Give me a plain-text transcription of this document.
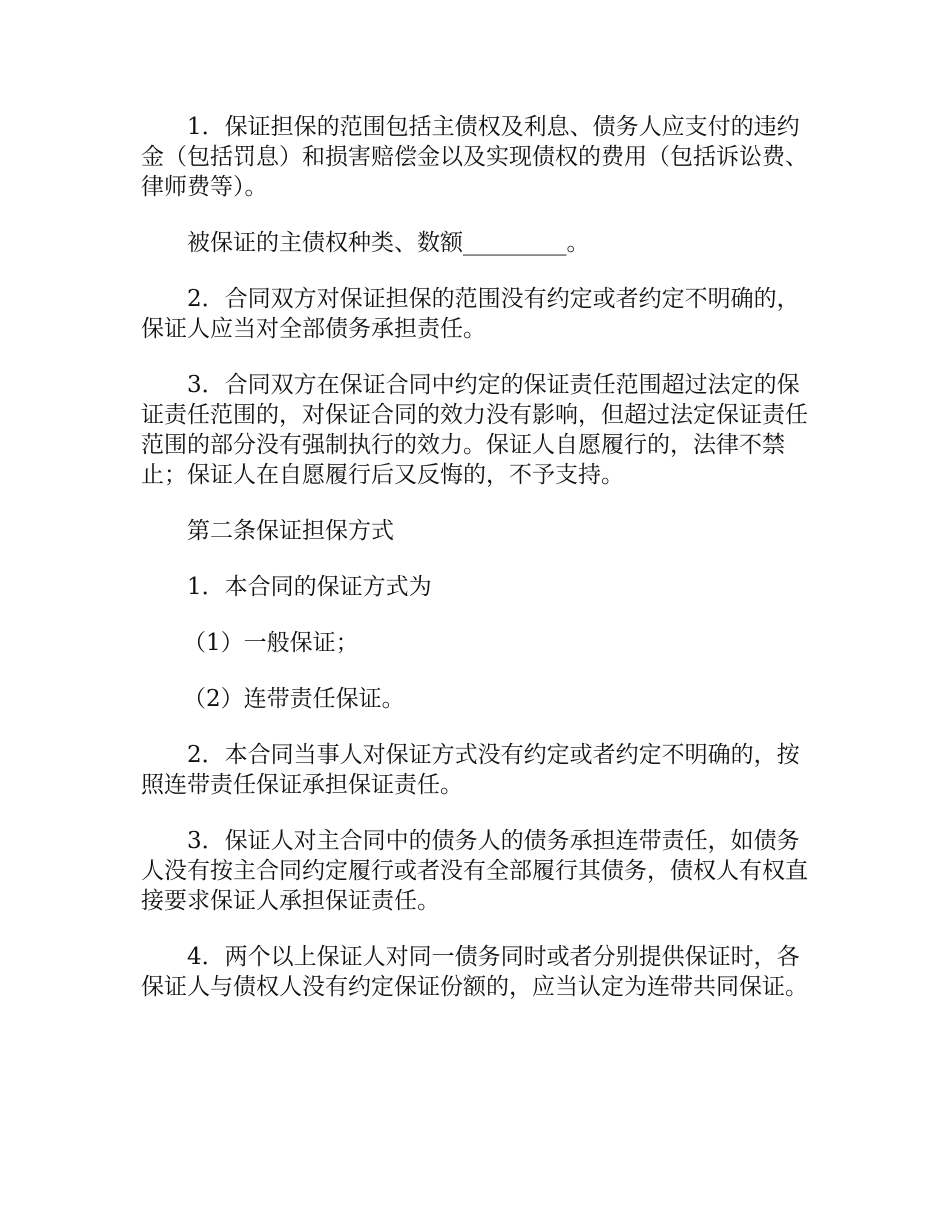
1．保证担保的范围包括主债权及利息、债务人应支付的违约金（包括罚息）和损害赔偿金以及实现债权的费用（包括诉讼费、律师费等）。

被保证的主债权种类、数额_________。

2．合同双方对保证担保的范围没有约定或者约定不明确的，保证人应当对全部债务承担责任。

3．合同双方在保证合同中约定的保证责任范围超过法定的保证责任范围的，对保证合同的效力没有影响，但超过法定保证责任范围的部分没有强制执行的效力。保证人自愿履行的，法律不禁止；保证人在自愿履行后又反悔的，不予支持。

第二条保证担保方式

1．本合同的保证方式为

（1）一般保证；

（2）连带责任保证。

2．本合同当事人对保证方式没有约定或者约定不明确的，按照连带责任保证承担保证责任。

3．保证人对主合同中的债务人的债务承担连带责任，如债务人没有按主合同约定履行或者没有全部履行其债务，债权人有权直接要求保证人承担保证责任。

4．两个以上保证人对同一债务同时或者分别提供保证时，各保证人与债权人没有约定保证份额的，应当认定为连带共同保证。
